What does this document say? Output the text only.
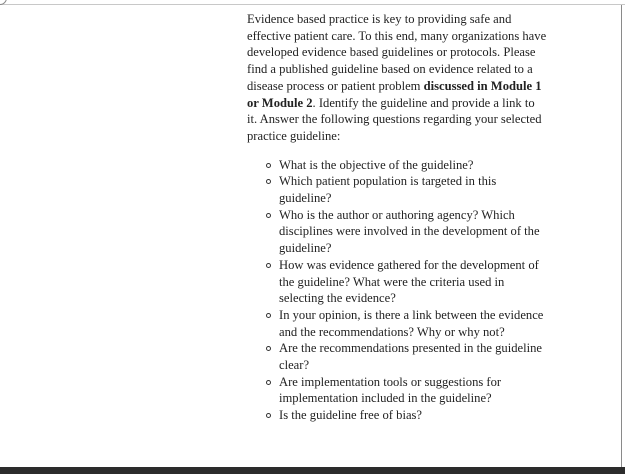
Evidence based practice is key to providing safe and effective patient care. To this end, many organizations have developed evidence based guidelines or protocols. Please find a published guideline based on evidence related to a disease process or patient problem discussed in Module 1 or Module 2. Identify the guideline and provide a link to it. Answer the following questions regarding your selected practice guideline:

What is the objective of the guideline?
Which patient population is targeted in this guideline?
Who is the author or authoring agency? Which disciplines were involved in the development of the guideline?
How was evidence gathered for the development of the guideline? What were the criteria used in selecting the evidence?
In your opinion, is there a link between the evidence and the recommendations? Why or why not?
Are the recommendations presented in the guideline clear?
Are implementation tools or suggestions for implementation included in the guideline?
Is the guideline free of bias?
